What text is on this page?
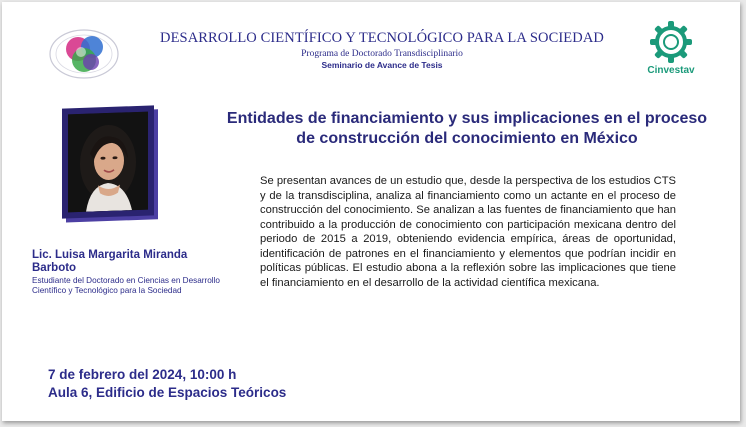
DESARROLLO CIENTÍFICO Y TECNOLÓGICO PARA LA SOCIEDAD
Programa de Doctorado Transdisciplinario
Seminario de Avance de Tesis	Cinvestav
Entidades de financiamiento y sus implicaciones en el proceso de construcción del conocimiento en México
Se presentan avances de un estudio que, desde la perspectiva de los estudios CTS y de la transdisciplina, analiza al financiamiento como un actante en el proceso de construcción del conocimiento. Se analizan a las fuentes de financiamiento que han contribuido a la producción de conocimiento con participación mexicana dentro del periodo de 2015 a 2019, obteniendo evidencia empírica, áreas de oportunidad, identificación de patrones en el financiamiento y elementos que podrían incidir en políticas públicas. El estudio abona a la reflexión sobre las implicaciones que tiene el financiamiento en el desarrollo de la actividad científica mexicana.
Lic. Luisa Margarita Miranda Barboto
Estudiante del Doctorado en Ciencias en Desarrollo Científico y Tecnológico para la Sociedad
7 de febrero del 2024, 10:00 h
Aula 6, Edificio de Espacios Teóricos
